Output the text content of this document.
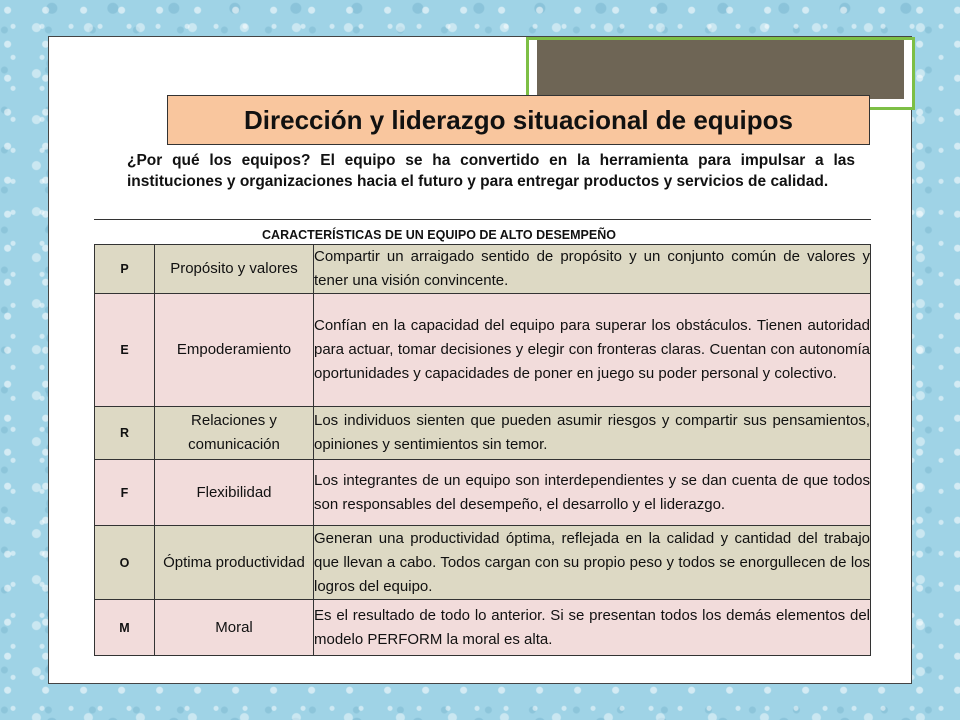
Dirección y liderazgo situacional de equipos
¿Por qué los equipos? El equipo se ha convertido en la herramienta para impulsar a las instituciones y organizaciones hacia el futuro y para entregar productos y servicios de calidad.
CARACTERÍSTICAS DE UN EQUIPO DE ALTO DESEMPEÑO
P	Propósito y valores	Compartir un arraigado sentido de propósito y un conjunto común de valores y tener una visión convincente.
E	Empoderamiento	Confían en la capacidad del equipo para superar los obstáculos. Tienen autoridad para actuar, tomar decisiones y elegir con fronteras claras. Cuentan con autonomía oportunidades y capacidades de poner en juego su poder personal y colectivo.
R	Relaciones y comunicación	Los individuos sienten que pueden asumir riesgos y compartir sus pensamientos, opiniones y sentimientos sin temor.
F	Flexibilidad	Los integrantes de un equipo son interdependientes y se dan cuenta de que todos son responsables del desempeño, el desarrollo y el liderazgo.
O	Óptima productividad	Generan una productividad óptima, reflejada en la calidad y cantidad del trabajo que llevan a cabo. Todos cargan con su propio peso y todos se enorgullecen de los logros del equipo.
M	Moral	Es el resultado de todo lo anterior. Si se presentan todos los demás elementos del modelo PERFORM la moral es alta.
